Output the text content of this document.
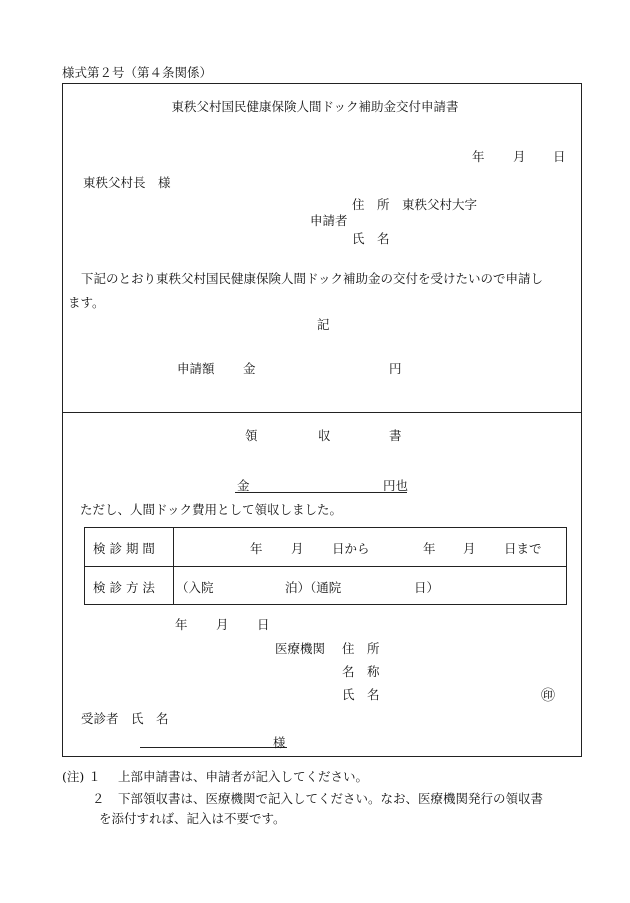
様式第２号（第４条関係）
東秩父村国民健康保険人間ドック補助金交付申請書
年 月 日
東秩父村長　様
住　所 東秩父村大字
申請者
氏　名
下記のとおり東秩父村国民健康保険人間ドック補助金の交付を受けたいので申請し
ます。
記
申請額 金	円
領	収	書
金	円也
ただし、人間ドック費用として領収しました。
検 診 期 間	年 月 日から	年 月 日まで
検 診 方 法 （入院	泊）（通院	日）
年 月 日
医療機関 住　所
名　称
氏　名	㊞
受診者　氏　名
様
(注) １ 上部申請書は、申請者が記入してください。
２ 下部領収書は、医療機関で記入してください。なお、医療機関発行の領収書
を添付すれば、記入は不要です。
